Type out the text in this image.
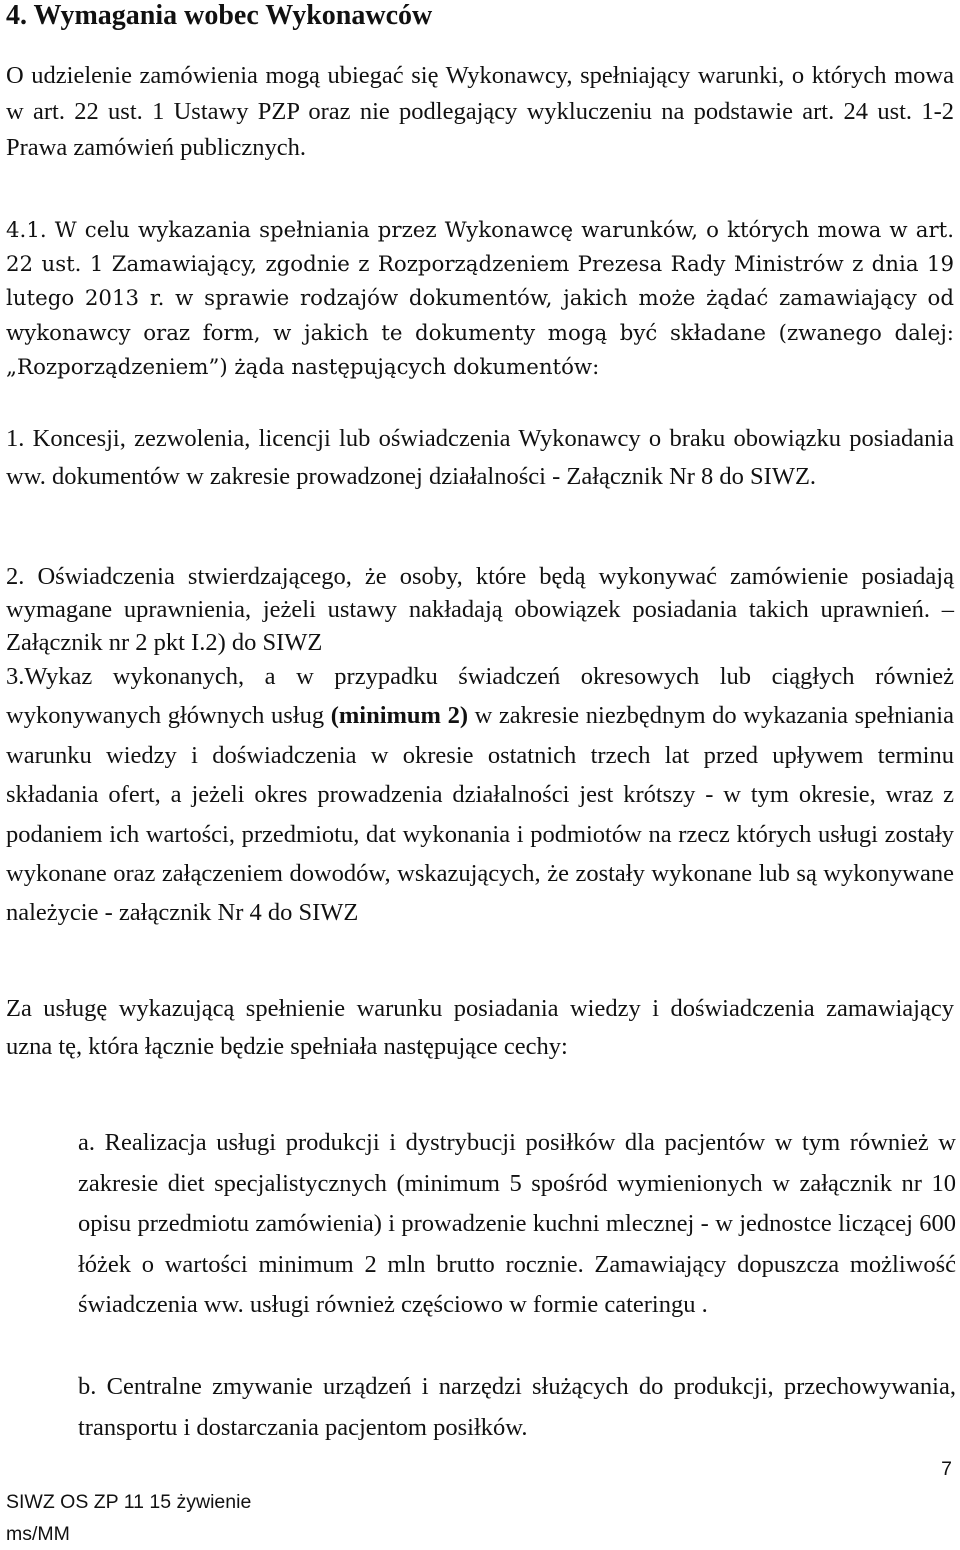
4. Wymagania wobec Wykonawców
O udzielenie zamówienia mogą ubiegać się Wykonawcy, spełniający warunki, o których mowa w art. 22 ust. 1 Ustawy PZP oraz nie podlegający wykluczeniu na podstawie art. 24 ust. 1-2 Prawa zamówień publicznych.
4.1. W celu wykazania spełniania przez Wykonawcę warunków, o których mowa w art. 22 ust. 1 Zamawiający, zgodnie z Rozporządzeniem Prezesa Rady Ministrów z dnia 19 lutego 2013 r. w sprawie rodzajów dokumentów, jakich może żądać zamawiający od wykonawcy oraz form, w jakich te dokumenty mogą być składane (zwanego dalej: „Rozporządzeniem”) żąda następujących dokumentów:
1. Koncesji, zezwolenia, licencji lub oświadczenia Wykonawcy o braku obowiązku posiadania ww. dokumentów w zakresie prowadzonej działalności - Załącznik Nr 8 do SIWZ.
2. Oświadczenia stwierdzającego, że osoby, które będą wykonywać zamówienie posiadają wymagane uprawnienia, jeżeli ustawy nakładają obowiązek posiadania takich uprawnień. – Załącznik nr 2 pkt I.2) do SIWZ
3.Wykaz wykonanych, a w przypadku świadczeń okresowych lub ciągłych również wykonywanych głównych usług (minimum 2) w zakresie niezbędnym do wykazania spełniania warunku wiedzy i doświadczenia w okresie ostatnich trzech lat przed upływem terminu składania ofert, a jeżeli okres prowadzenia działalności jest krótszy - w tym okresie, wraz z podaniem ich wartości, przedmiotu, dat wykonania i podmiotów na rzecz których usługi zostały wykonane oraz załączeniem dowodów, wskazujących, że zostały wykonane lub są wykonywane należycie - załącznik Nr 4 do SIWZ
Za usługę wykazującą spełnienie warunku posiadania wiedzy i doświadczenia zamawiający uzna tę, która łącznie będzie spełniała następujące cechy:
a. Realizacja usługi produkcji i dystrybucji posiłków dla pacjentów w tym również w zakresie diet specjalistycznych (minimum 5 spośród wymienionych w załącznik nr 10 opisu przedmiotu zamówienia) i prowadzenie kuchni mlecznej - w jednostce liczącej 600 łóżek o wartości minimum 2 mln brutto rocznie. Zamawiający dopuszcza możliwość świadczenia ww. usługi również częściowo w formie cateringu .
b. Centralne zmywanie urządzeń i narzędzi służących do produkcji, przechowywania, transportu i dostarczania pacjentom posiłków.
7
SIWZ OS ZP 11 15 żywienie
ms/MM
